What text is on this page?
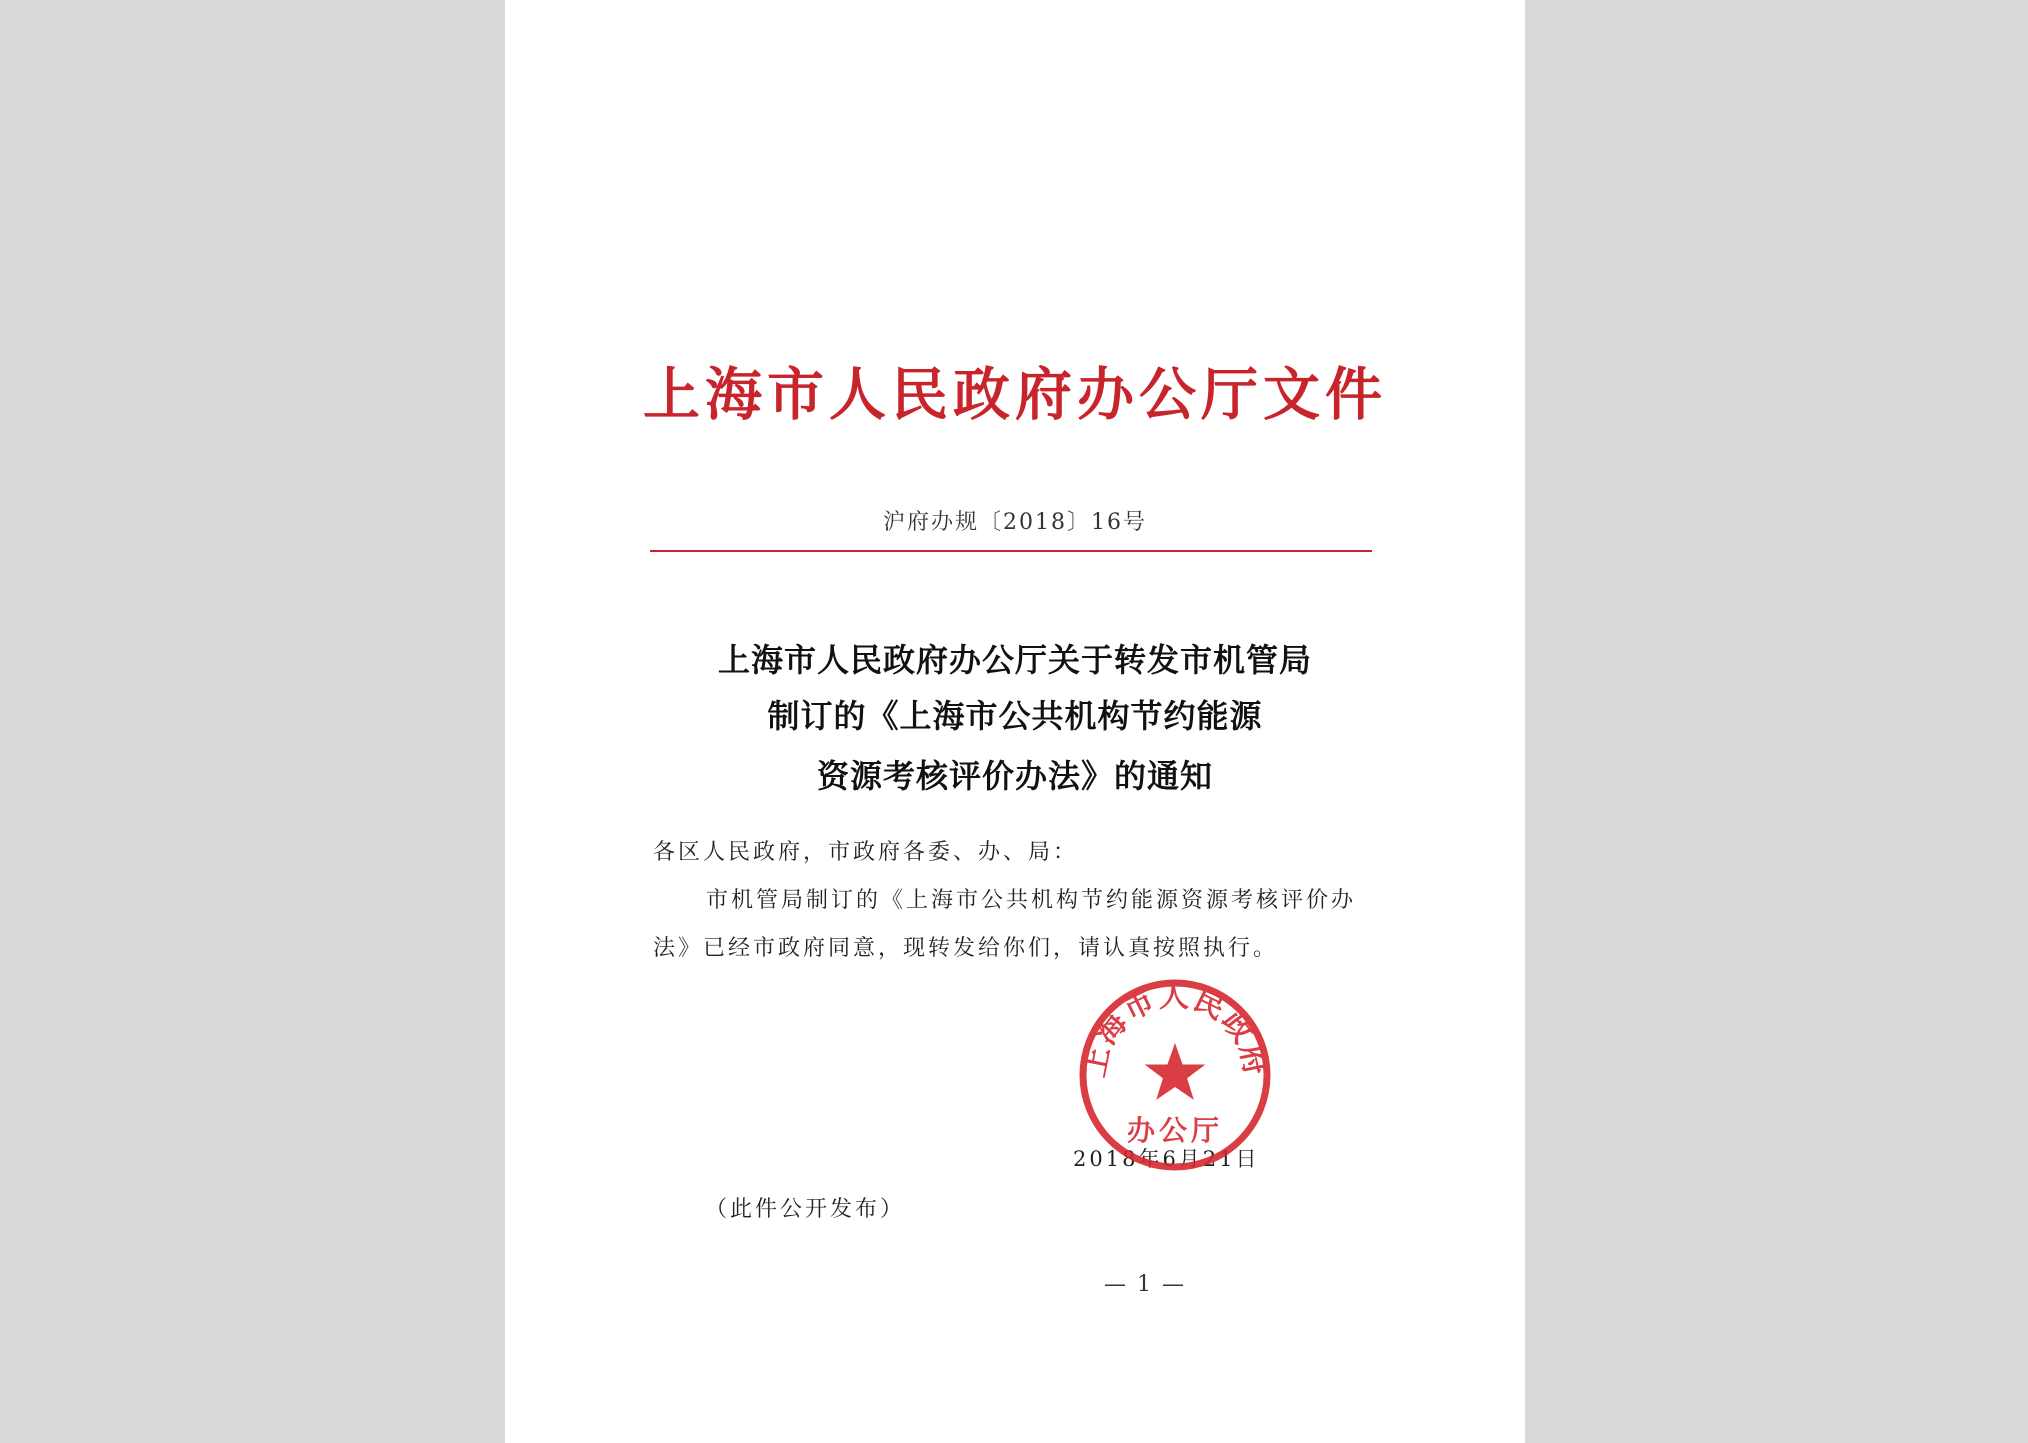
上海市人民政府办公厅文件
沪府办规〔2018〕16号
上海市人民政府办公厅关于转发市机管局
制订的《上海市公共机构节约能源
资源考核评价办法》的通知
各区人民政府，市政府各委、办、局：
市机管局制订的《上海市公共机构节约能源资源考核评价办
法》已经市政府同意，现转发给你们，请认真按照执行。
2018年6月21日
上海市人民政府
办公厅
（此件公开发布）
— 1 —
